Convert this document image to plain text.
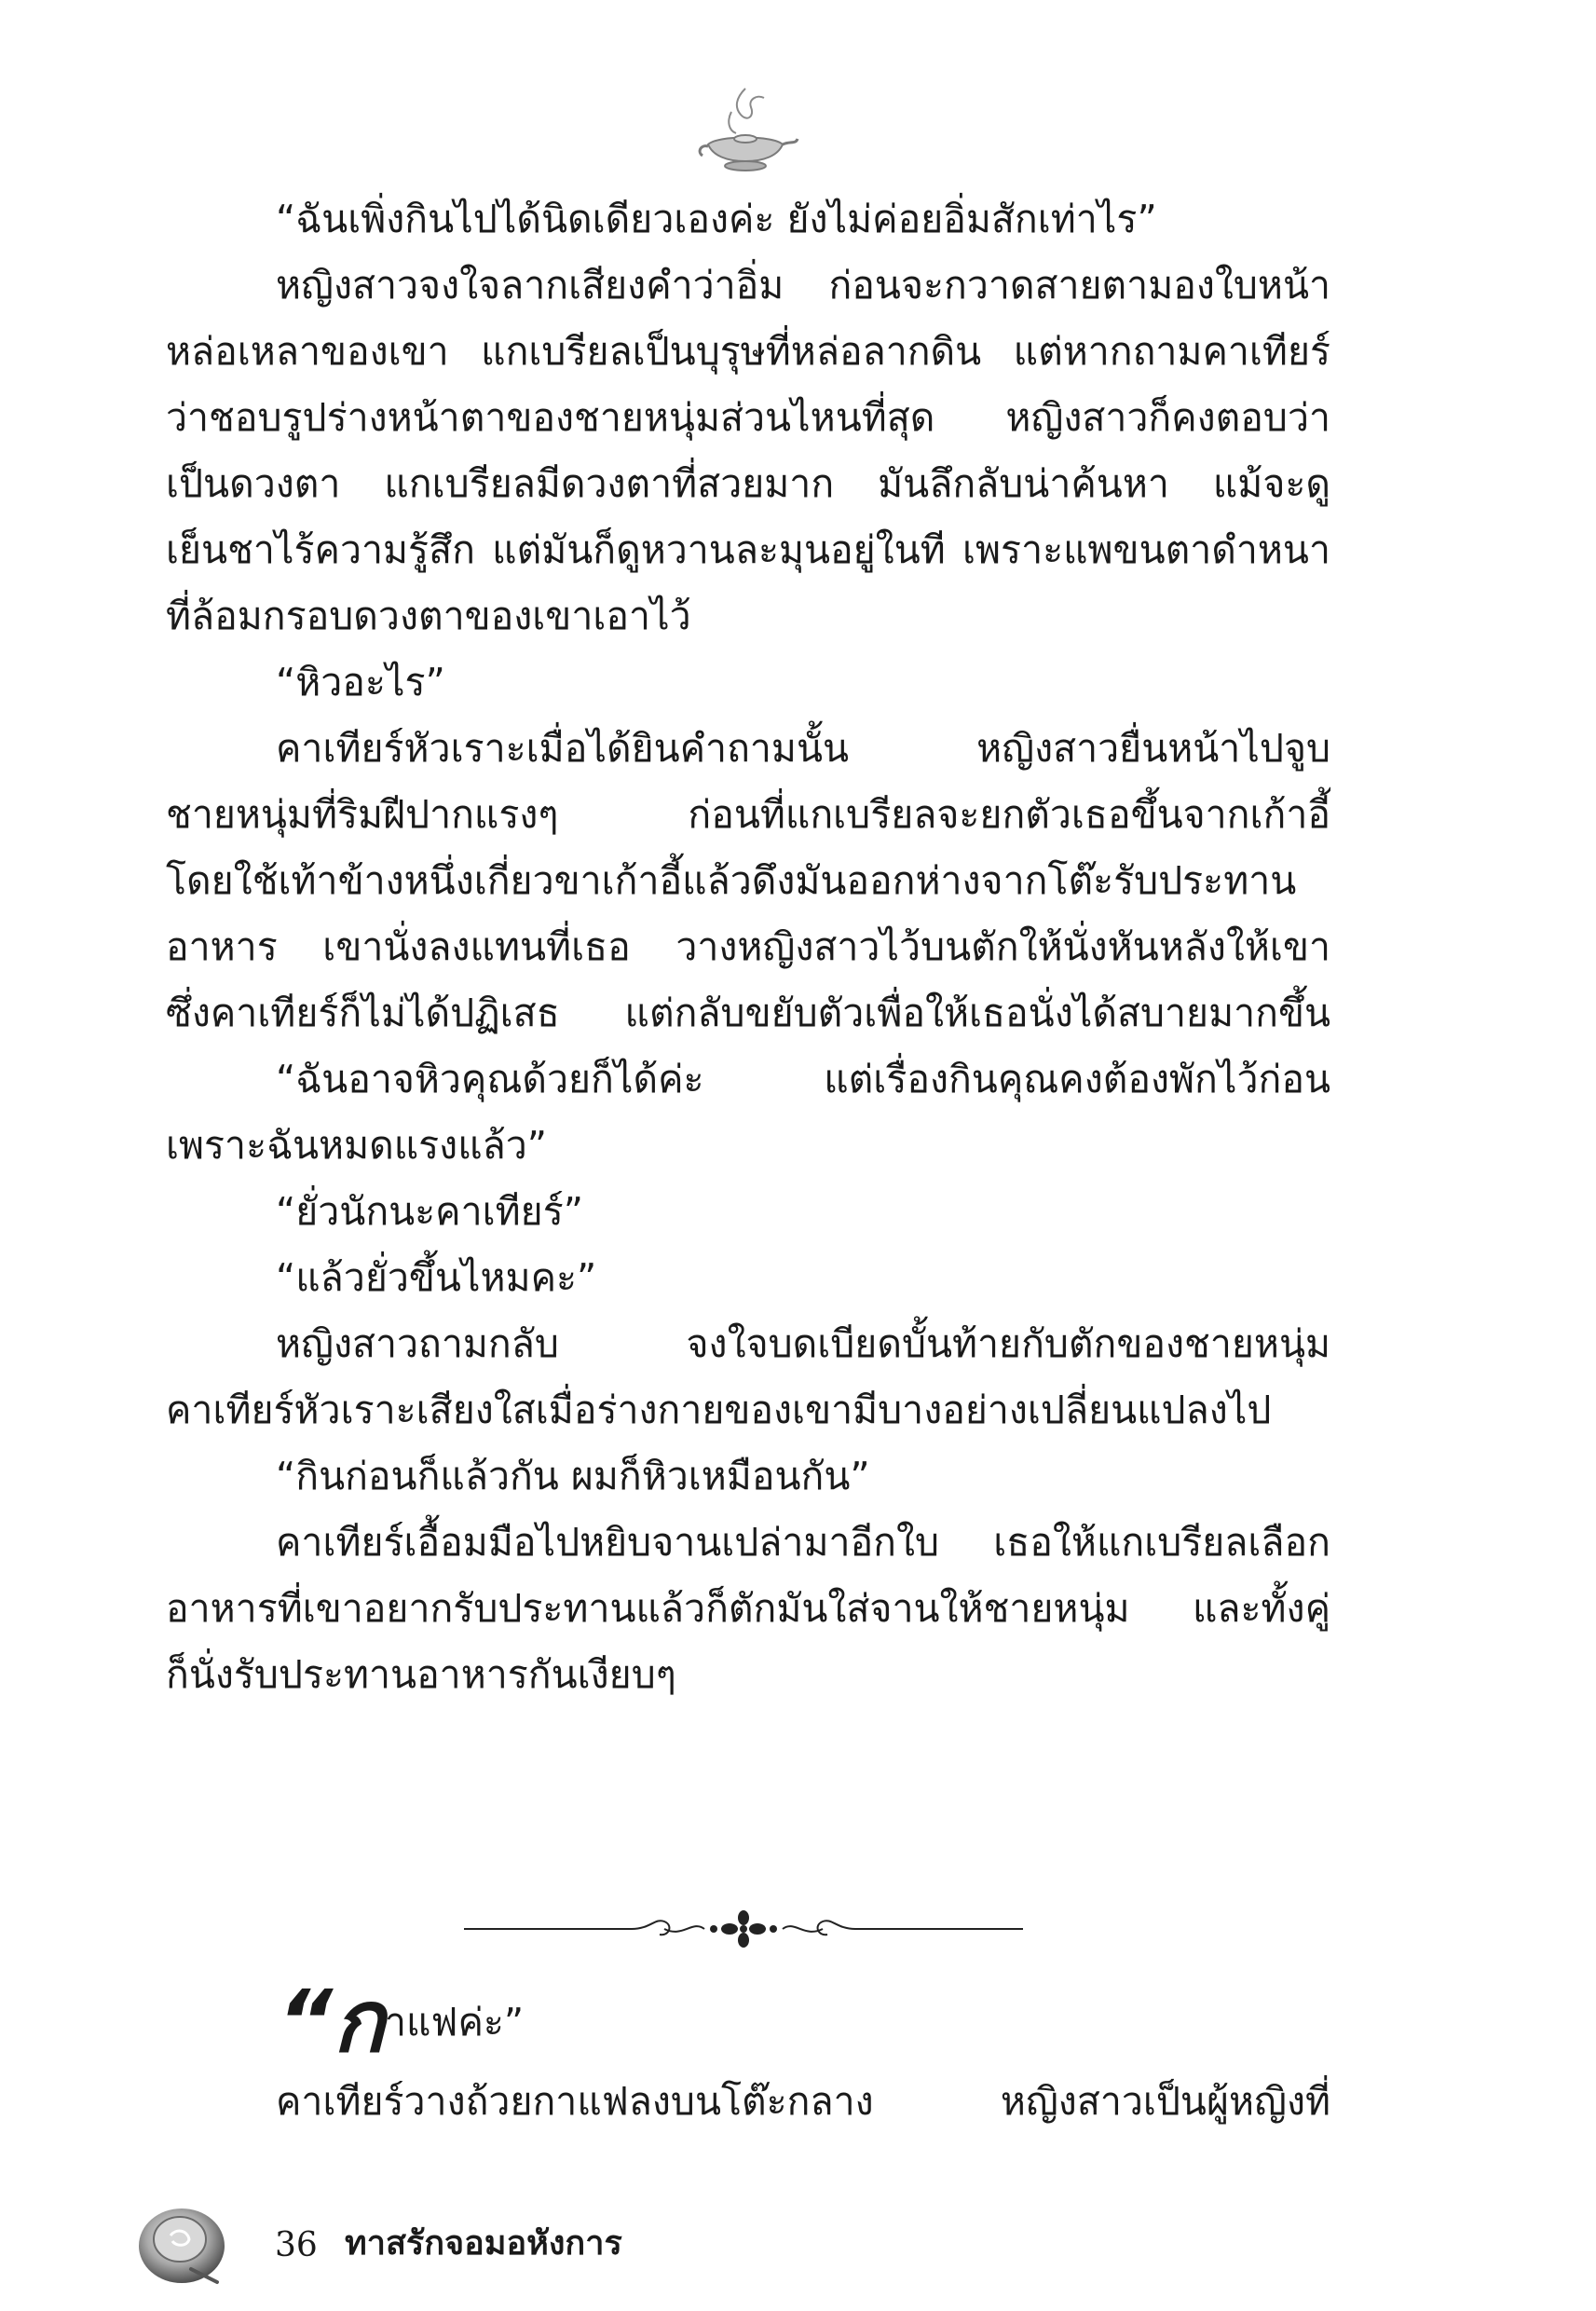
“ฉันเพิ่งกินไปได้นิดเดียวเองค่ะ ยังไม่ค่อยอิ่มสักเท่าไร”
หญิงสาวจงใจลากเสียงคำว่าอิ่ม ก่อนจะกวาดสายตามองใบหน้า
หล่อเหลาของเขา แกเบรียลเป็นบุรุษที่หล่อลากดิน แต่หากถามคาเทียร์
ว่าชอบรูปร่างหน้าตาของชายหนุ่มส่วนไหนที่สุด หญิงสาวก็คงตอบว่า
เป็นดวงตา แกเบรียลมีดวงตาที่สวยมาก มันลึกลับน่าค้นหา แม้จะดู
เย็นชาไร้ความรู้สึก แต่มันก็ดูหวานละมุนอยู่ในที เพราะแพขนตาดำหนา
ที่ล้อมกรอบดวงตาของเขาเอาไว้
“หิวอะไร”
คาเทียร์หัวเราะเมื่อได้ยินคำถามนั้น หญิงสาวยื่นหน้าไปจูบ
ชายหนุ่มที่ริมฝีปากแรงๆ ก่อนที่แกเบรียลจะยกตัวเธอขึ้นจากเก้าอี้
โดยใช้เท้าข้างหนึ่งเกี่ยวขาเก้าอี้แล้วดึงมันออกห่างจากโต๊ะรับประทาน
อาหาร เขานั่งลงแทนที่เธอ วางหญิงสาวไว้บนตักให้นั่งหันหลังให้เขา
ซึ่งคาเทียร์ก็ไม่ได้ปฏิเสธ แต่กลับขยับตัวเพื่อให้เธอนั่งได้สบายมากขึ้น
“ฉันอาจหิวคุณด้วยก็ได้ค่ะ แต่เรื่องกินคุณคงต้องพักไว้ก่อน
เพราะฉันหมดแรงแล้ว”
“ยั่วนักนะคาเทียร์”
“แล้วยั่วขึ้นไหมคะ”
หญิงสาวถามกลับ จงใจบดเบียดบั้นท้ายกับตักของชายหนุ่ม
คาเทียร์หัวเราะเสียงใสเมื่อร่างกายของเขามีบางอย่างเปลี่ยนแปลงไป
“กินก่อนก็แล้วกัน ผมก็หิวเหมือนกัน”
คาเทียร์เอื้อมมือไปหยิบจานเปล่ามาอีกใบ เธอให้แกเบรียลเลือก
อาหารที่เขาอยากรับประทานแล้วก็ตักมันใส่จานให้ชายหนุ่ม และทั้งคู่
ก็นั่งรับประทานอาหารกันเงียบๆ
“กาแฟค่ะ”
คาเทียร์วางถ้วยกาแฟลงบนโต๊ะกลาง หญิงสาวเป็นผู้หญิงที่
36 ทาสรักจอมอหังการ
